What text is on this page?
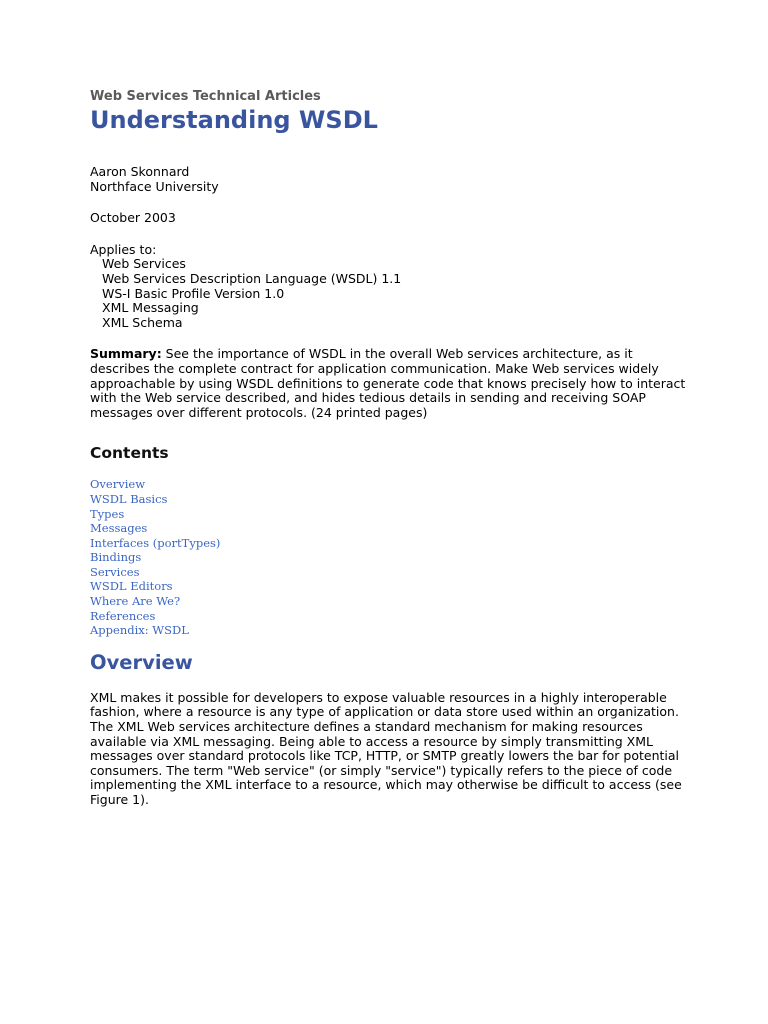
Web Services Technical Articles

Understanding WSDL

Aaron Skonnard

Northface University

October 2003

Applies to:

Web Services
Web Services Description Language (WSDL) 1.1
WS-I Basic Profile Version 1.0
XML Messaging
XML Schema

Summary: See the importance of WSDL in the overall Web services architecture, as it describes the complete contract for application communication. Make Web services widely approachable by using WSDL definitions to generate code that knows precisely how to interact with the Web service described, and hides tedious details in sending and receiving SOAP messages over different protocols. (24 printed pages)

Contents
Overview
WSDL Basics
Types
Messages
Interfaces (portTypes)
Bindings
Services
WSDL Editors
Where Are We?
References
Appendix: WSDL
Overview

XML makes it possible for developers to expose valuable resources in a highly interoperable fashion, where a resource is any type of application or data store used within an organization. The XML Web services architecture defines a standard mechanism for making resources available via XML messaging. Being able to access a resource by simply transmitting XML messages over standard protocols like TCP, HTTP, or SMTP greatly lowers the bar for potential consumers. The term "Web service" (or simply "service") typically refers to the piece of code implementing the XML interface to a resource, which may otherwise be difficult to access (see Figure 1).
